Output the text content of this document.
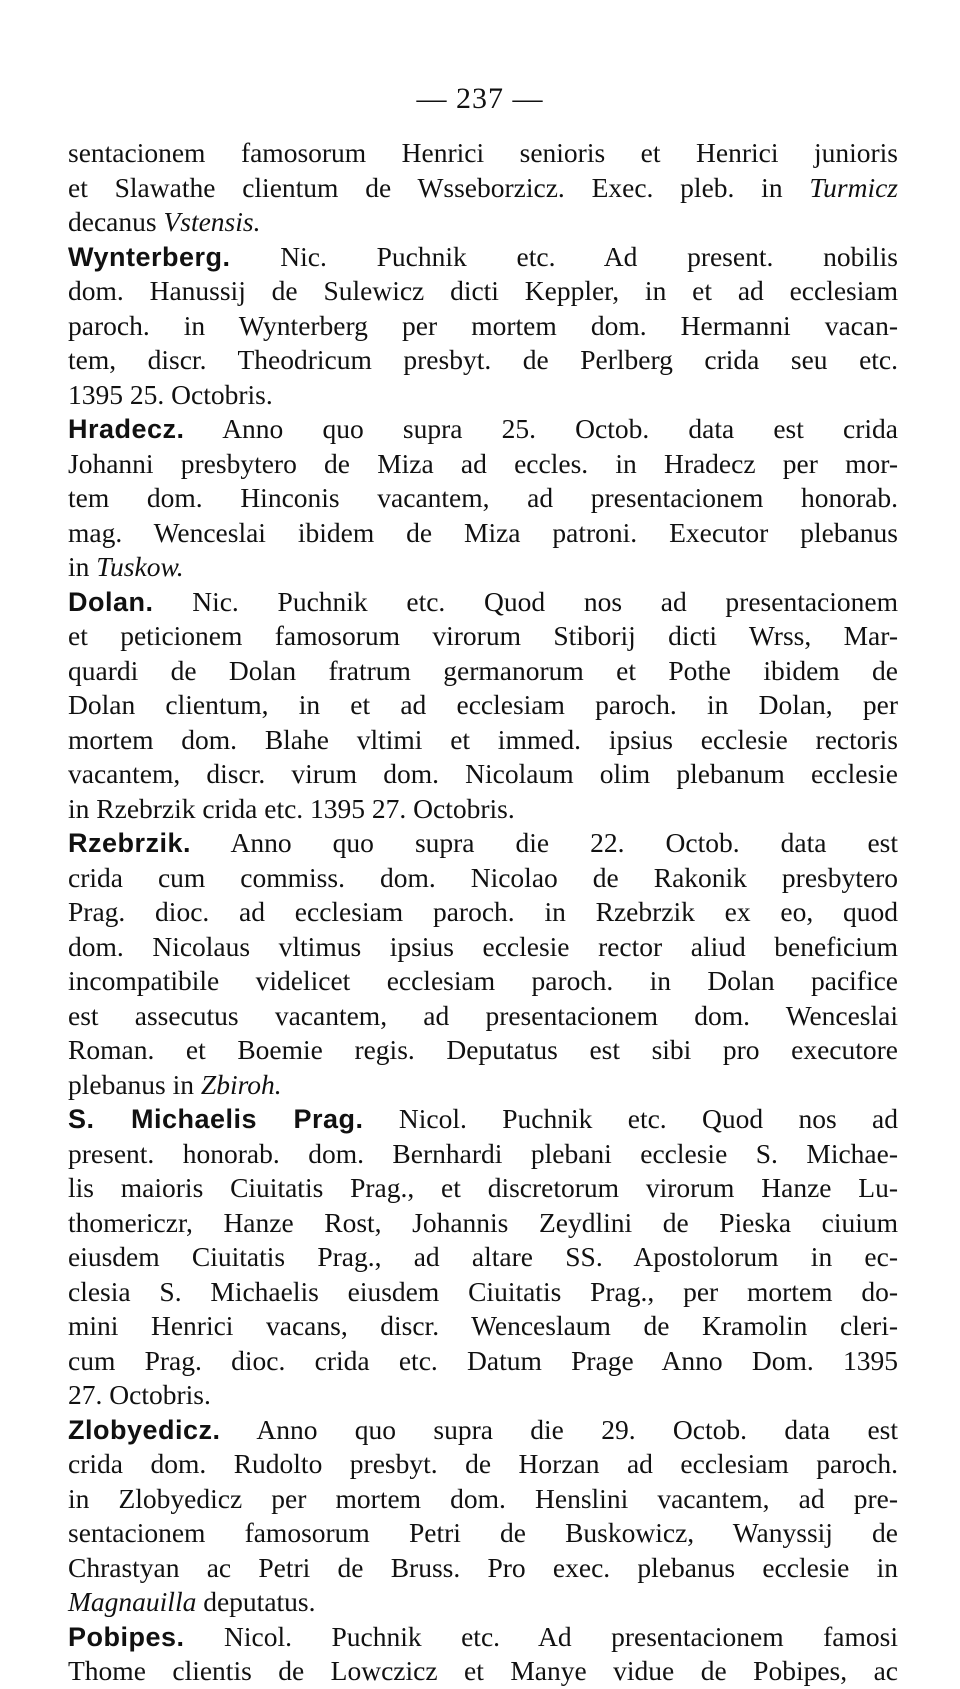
— 237 —
sentacionem famosorum Henrici senioris et Henrici junioris
et Slawathe clientum de Wsseborzicz. Exec. pleb. in Turmicz
decanus Vstensis.
Wynterberg. Nic. Puchnik etc. Ad present. nobilis
dom. Hanussij de Sulewicz dicti Keppler, in et ad ecclesiam
paroch. in Wynterberg per mortem dom. Hermanni vacan-
tem, discr. Theodricum presbyt. de Perlberg crida seu etc.
1395 25. Octobris.
Hradecz. Anno quo supra 25. Octob. data est crida
Johanni presbytero de Miza ad eccles. in Hradecz per mor-
tem dom. Hinconis vacantem, ad presentacionem honorab.
mag. Wenceslai ibidem de Miza patroni. Executor plebanus
in Tuskow.
Dolan. Nic. Puchnik etc. Quod nos ad presentacionem
et peticionem famosorum virorum Stiborij dicti Wrss, Mar-
quardi de Dolan fratrum germanorum et Pothe ibidem de
Dolan clientum, in et ad ecclesiam paroch. in Dolan, per
mortem dom. Blahe vltimi et immed. ipsius ecclesie rectoris
vacantem, discr. virum dom. Nicolaum olim plebanum ecclesie
in Rzebrzik crida etc. 1395 27. Octobris.
Rzebrzik. Anno quo supra die 22. Octob. data est
crida cum commiss. dom. Nicolao de Rakonik presbytero
Prag. dioc. ad ecclesiam paroch. in Rzebrzik ex eo, quod
dom. Nicolaus vltimus ipsius ecclesie rector aliud beneficium
incompatibile videlicet ecclesiam paroch. in Dolan pacifice
est assecutus vacantem, ad presentacionem dom. Wenceslai
Roman. et Boemie regis. Deputatus est sibi pro executore
plebanus in Zbiroh.
S. Michaelis Prag. Nicol. Puchnik etc. Quod nos ad
present. honorab. dom. Bernhardi plebani ecclesie S. Michae-
lis maioris Ciuitatis Prag., et discretorum virorum Hanze Lu-
thomericzr, Hanze Rost, Johannis Zeydlini de Pieska ciuium
eiusdem Ciuitatis Prag., ad altare SS. Apostolorum in ec-
clesia S. Michaelis eiusdem Ciuitatis Prag., per mortem do-
mini Henrici vacans, discr. Wenceslaum de Kramolin cleri-
cum Prag. dioc. crida etc. Datum Prage Anno Dom. 1395
27. Octobris.
Zlobyedicz. Anno quo supra die 29. Octob. data est
crida dom. Rudolto presbyt. de Horzan ad ecclesiam paroch.
in Zlobyedicz per mortem dom. Henslini vacantem, ad pre-
sentacionem famosorum Petri de Buskowicz, Wanyssij de
Chrastyan ac Petri de Bruss. Pro exec. plebanus ecclesie in
Magnauilla deputatus.
Pobipes. Nicol. Puchnik etc. Ad presentacionem famosi
Thome clientis de Lowczicz et Manye vidue de Pobipes, ac
